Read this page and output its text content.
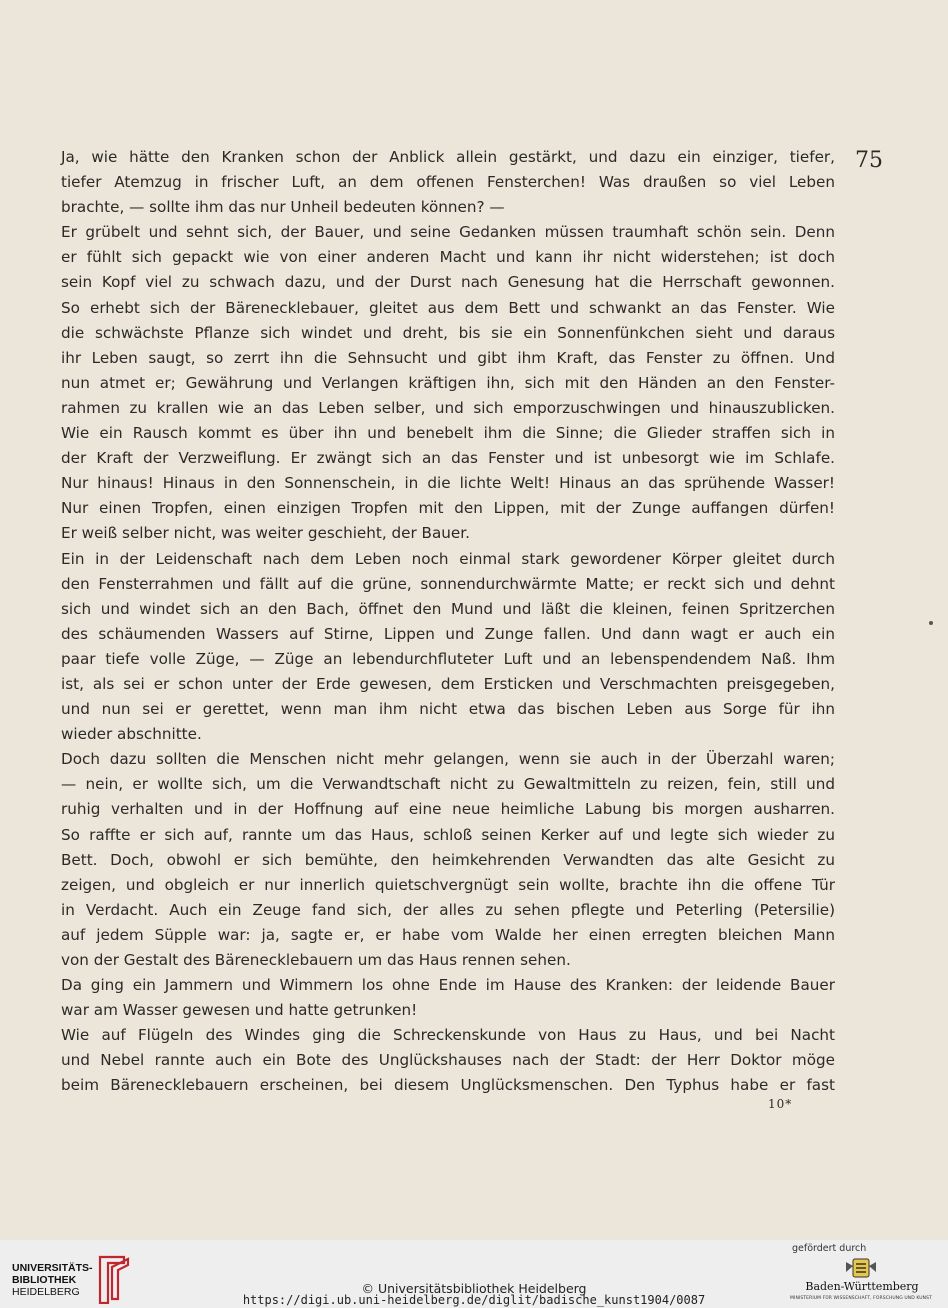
Ja, wie hätte den Kranken schon der Anblick allein gestärkt, und dazu ein einziger, tiefer,
tiefer Atemzug in frischer Luft, an dem offenen Fensterchen! Was draußen so viel Leben
brachte, — sollte ihm das nur Unheil bedeuten können? —
Er grübelt und sehnt sich, der Bauer, und seine Gedanken müssen traumhaft schön sein. Denn
er fühlt sich gepackt wie von einer anderen Macht und kann ihr nicht widerstehen; ist doch
sein Kopf viel zu schwach dazu, und der Durst nach Genesung hat die Herrschaft gewonnen.
So erhebt sich der Bärenecklebauer, gleitet aus dem Bett und schwankt an das Fenster. Wie
die schwächste Pflanze sich windet und dreht, bis sie ein Sonnenfünkchen sieht und daraus
ihr Leben saugt, so zerrt ihn die Sehnsucht und gibt ihm Kraft, das Fenster zu öffnen. Und
nun atmet er; Gewährung und Verlangen kräftigen ihn, sich mit den Händen an den Fenster-
rahmen zu krallen wie an das Leben selber, und sich emporzuschwingen und hinauszublicken.
Wie ein Rausch kommt es über ihn und benebelt ihm die Sinne; die Glieder straffen sich in
der Kraft der Verzweiflung. Er zwängt sich an das Fenster und ist unbesorgt wie im Schlafe.
Nur hinaus! Hinaus in den Sonnenschein, in die lichte Welt! Hinaus an das sprühende Wasser!
Nur einen Tropfen, einen einzigen Tropfen mit den Lippen, mit der Zunge auffangen dürfen!
Er weiß selber nicht, was weiter geschieht, der Bauer.
Ein in der Leidenschaft nach dem Leben noch einmal stark gewordener Körper gleitet durch
den Fensterrahmen und fällt auf die grüne, sonnendurchwärmte Matte; er reckt sich und dehnt
sich und windet sich an den Bach, öffnet den Mund und läßt die kleinen, feinen Spritzerchen
des schäumenden Wassers auf Stirne, Lippen und Zunge fallen. Und dann wagt er auch ein
paar tiefe volle Züge, — Züge an lebendurchfluteter Luft und an lebenspendendem Naß. Ihm
ist, als sei er schon unter der Erde gewesen, dem Ersticken und Verschmachten preisgegeben,
und nun sei er gerettet, wenn man ihm nicht etwa das bischen Leben aus Sorge für ihn
wieder abschnitte.
Doch dazu sollten die Menschen nicht mehr gelangen, wenn sie auch in der Überzahl waren;
— nein, er wollte sich, um die Verwandtschaft nicht zu Gewaltmitteln zu reizen, fein, still und
ruhig verhalten und in der Hoffnung auf eine neue heimliche Labung bis morgen ausharren.
So raffte er sich auf, rannte um das Haus, schloß seinen Kerker auf und legte sich wieder zu
Bett. Doch, obwohl er sich bemühte, den heimkehrenden Verwandten das alte Gesicht zu
zeigen, und obgleich er nur innerlich quietschvergnügt sein wollte, brachte ihn die offene Tür
in Verdacht. Auch ein Zeuge fand sich, der alles zu sehen pflegte und Peterling (Petersilie)
auf jedem Süpple war: ja, sagte er, er habe vom Walde her einen erregten bleichen Mann
von der Gestalt des Bärenecklebauern um das Haus rennen sehen.
Da ging ein Jammern und Wimmern los ohne Ende im Hause des Kranken: der leidende Bauer
war am Wasser gewesen und hatte getrunken!
Wie auf Flügeln des Windes ging die Schreckenskunde von Haus zu Haus, und bei Nacht
und Nebel rannte auch ein Bote des Unglückshauses nach der Stadt: der Herr Doktor möge
beim Bärenecklebauern erscheinen, bei diesem Unglücksmenschen. Den Typhus habe er fast
75
10*
UNIVERSITÄTS-
BIBLIOTHEK
HEIDELBERG	© Universitätsbibliothek Heidelberg
https://digi.ub.uni-heidelberg.de/diglit/badische_kunst1904/0087
gefördert durch
Baden-Württemberg
MINISTERIUM FÜR WISSENSCHAFT, FORSCHUNG UND KUNST
